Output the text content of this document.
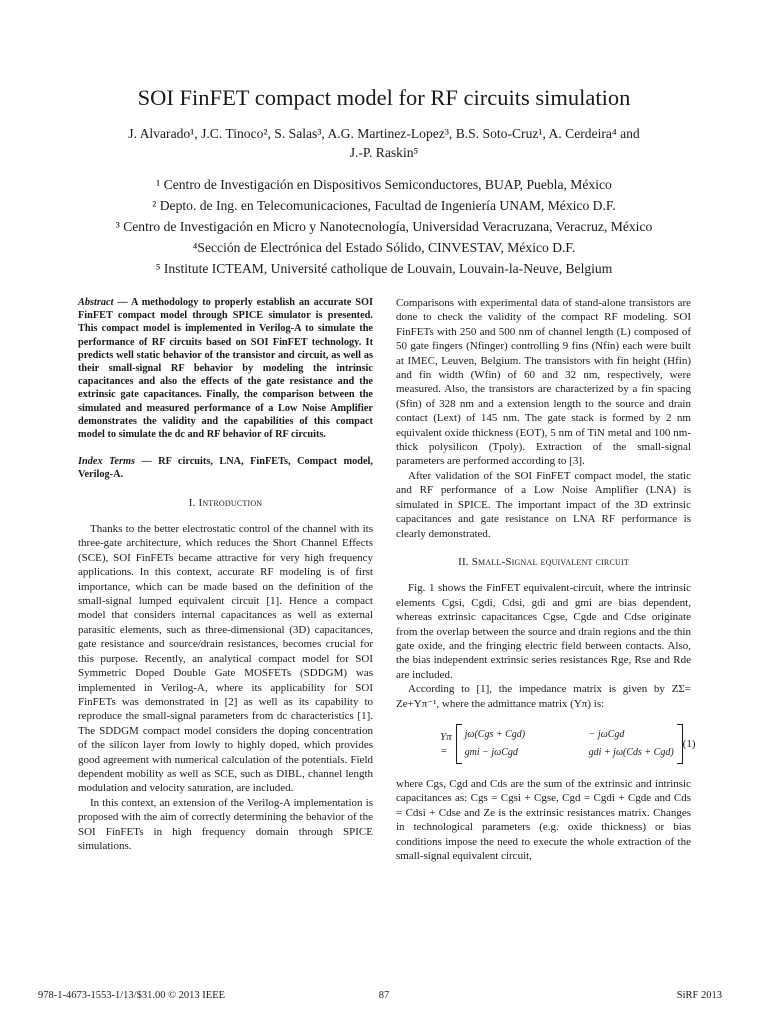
SOI FinFET compact model for RF circuits simulation
J. Alvarado¹, J.C. Tinoco², S. Salas³, A.G. Martinez-Lopez³, B.S. Soto-Cruz¹, A. Cerdeira⁴ and
J.-P. Raskin⁵
¹ Centro de Investigación en Dispositivos Semiconductores, BUAP, Puebla, México
² Depto. de Ing. en Telecomunicaciones, Facultad de Ingeniería UNAM, México D.F.
³ Centro de Investigación en Micro y Nanotecnología, Universidad Veracruzana, Veracruz, México
⁴Sección de Electrónica del Estado Sólido, CINVESTAV, México D.F.
⁵ Institute ICTEAM, Université catholique de Louvain, Louvain-la-Neuve, Belgium

Abstract — A methodology to properly establish an accurate SOI FinFET compact model through SPICE simulator is presented. This compact model is implemented in Verilog-A to simulate the performance of RF circuits based on SOI FinFET technology. It predicts well static behavior of the transistor and circuit, as well as their small-signal RF behavior by modeling the intrinsic capacitances and also the effects of the gate resistance and the extrinsic gate capacitances. Finally, the comparison between the simulated and measured performance of a Low Noise Amplifier demonstrates the validity and the capabilities of this compact model to simulate the dc and RF behavior of RF circuits.

Index Terms — RF circuits, LNA, FinFETs, Compact model, Verilog-A.

I. Introduction

Thanks to the better electrostatic control of the channel with its three-gate architecture, which reduces the Short Channel Effects (SCE), SOI FinFETs became attractive for very high frequency applications. In this context, accurate RF modeling is of first importance, which can be made based on the definition of the small-signal lumped equivalent circuit [1]. Hence a compact model that considers internal capacitances as well as external parasitic elements, such as three-dimensional (3D) capacitances, gate resistance and source/drain resistances, becomes crucial for this purpose. Recently, an analytical compact model for SOI Symmetric Doped Double Gate MOSFETs (SDDGM) was implemented in Verilog-A, where its applicability for SOI FinFETs was demonstrated in [2] as well as its capability to reproduce the small-signal parameters from dc characteristics [1]. The SDDGM compact model considers the doping concentration of the silicon layer from lowly to highly doped, which provides good agreement with numerical calculation of the potentials. Field dependent mobility as well as SCE, such as DIBL, channel length modulation and velocity saturation, are included.

In this context, an extension of the Verilog-A implementation is proposed with the aim of correctly determining the behavior of the SOI FinFETs in high frequency domain through SPICE simulations.

Comparisons with experimental data of stand-alone transistors are done to check the validity of the compact RF modeling. SOI FinFETs with 250 and 500 nm of channel length (L) composed of 50 gate fingers (Nfinger) controlling 9 fins (Nfin) each were built at IMEC, Leuven, Belgium. The transistors with fin height (Hfin) and fin width (Wfin) of 60 and 32 nm, respectively, were measured. Also, the transistors are characterized by a fin spacing (Sfin) of 328 nm and a extension length to the source and drain contact (Lext) of 145 nm. The gate stack is formed by 2 nm equivalent oxide thickness (EOT), 5 nm of TiN metal and 100 nm-thick polysilicon (Tpoly). Extraction of the small-signal parameters are performed according to [3].

After validation of the SOI FinFET compact model, the static and RF performance of a Low Noise Amplifier (LNA) is simulated in SPICE. The important impact of the 3D extrinsic capacitances and gate resistance on LNA RF performance is clearly demonstrated.

II. Small-Signal equivalent circuit

Fig. 1 shows the FinFET equivalent-circuit, where the intrinsic elements Cgsi, Cgdi, Cdsi, gdi and gmi are bias dependent, whereas extrinsic capacitances Cgse, Cgde and Cdse originate from the overlap between the source and drain regions and the thin gate oxide, and the fringing electric field between contacts. Also, the bias independent extrinsic series resistances Rge, Rse and Rde are included.

According to [1], the impedance matrix is given by ZΣ= Ze+Yπ⁻¹, where the admittance matrix (Yπ) is:

Yπ =
jω(Cgs + Cgd)	− jωCgd
gmi − jωCgd	gdi + jω(Cds + Cgd)
(1)

where Cgs, Cgd and Cds are the sum of the extrinsic and intrinsic capacitances as: Cgs = Cgsi + Cgse, Cgd = Cgdi + Cgde and Cds = Cdsi + Cdse and Ze is the extrinsic resistances matrix. Changes in technological parameters (e.g. oxide thickness) or bias conditions impose the need to execute the whole extraction of the small-signal equivalent circuit,

978-1-4673-1553-1/13/$31.00 © 2013 IEEE	87	SiRF 2013
